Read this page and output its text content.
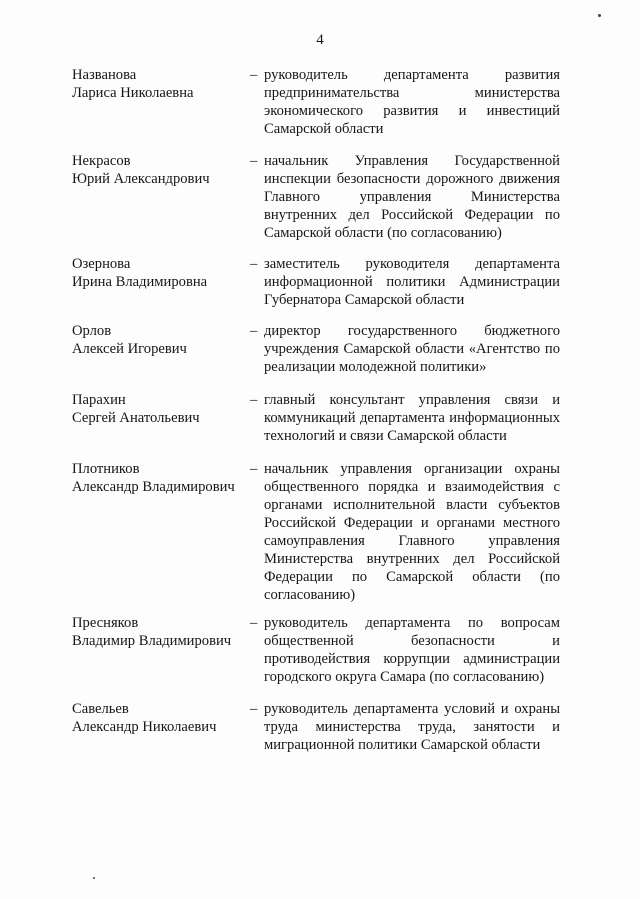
4
Названова
Лариса Николаевна
– руководитель департамента развития предпринимательства министерства экономического развития и инвестиций Самарской области
Некрасов
Юрий Александрович
– начальник Управления Государственной инспекции безопасности дорожного движения Главного управления Министерства внутренних дел Российской Федерации по Самарской области (по согласованию)
Озернова
Ирина Владимировна
– заместитель руководителя департамента информационной политики Администрации Губернатора Самарской области
Орлов
Алексей Игоревич
– директор государственного бюджетного учреждения Самарской области «Агентство по реализации молодежной политики»
Парахин
Сергей Анатольевич
– главный консультант управления связи и коммуникаций департамента информационных технологий и связи Самарской области
Плотников
Александр Владимирович
– начальник управления организации охраны общественного порядка и взаимодействия с органами исполнительной власти субъектов Российской Федерации и органами местного самоуправления Главного управления Министерства внутренних дел Российской Федерации по Самарской области (по согласованию)
Пресняков
Владимир Владимирович
– руководитель департамента по вопросам общественной безопасности и противодействия коррупции администрации городского округа Самара (по согласованию)
Савельев
Александр Николаевич
– руководитель департамента условий и охраны труда министерства труда, занятости и миграционной политики Самарской области
